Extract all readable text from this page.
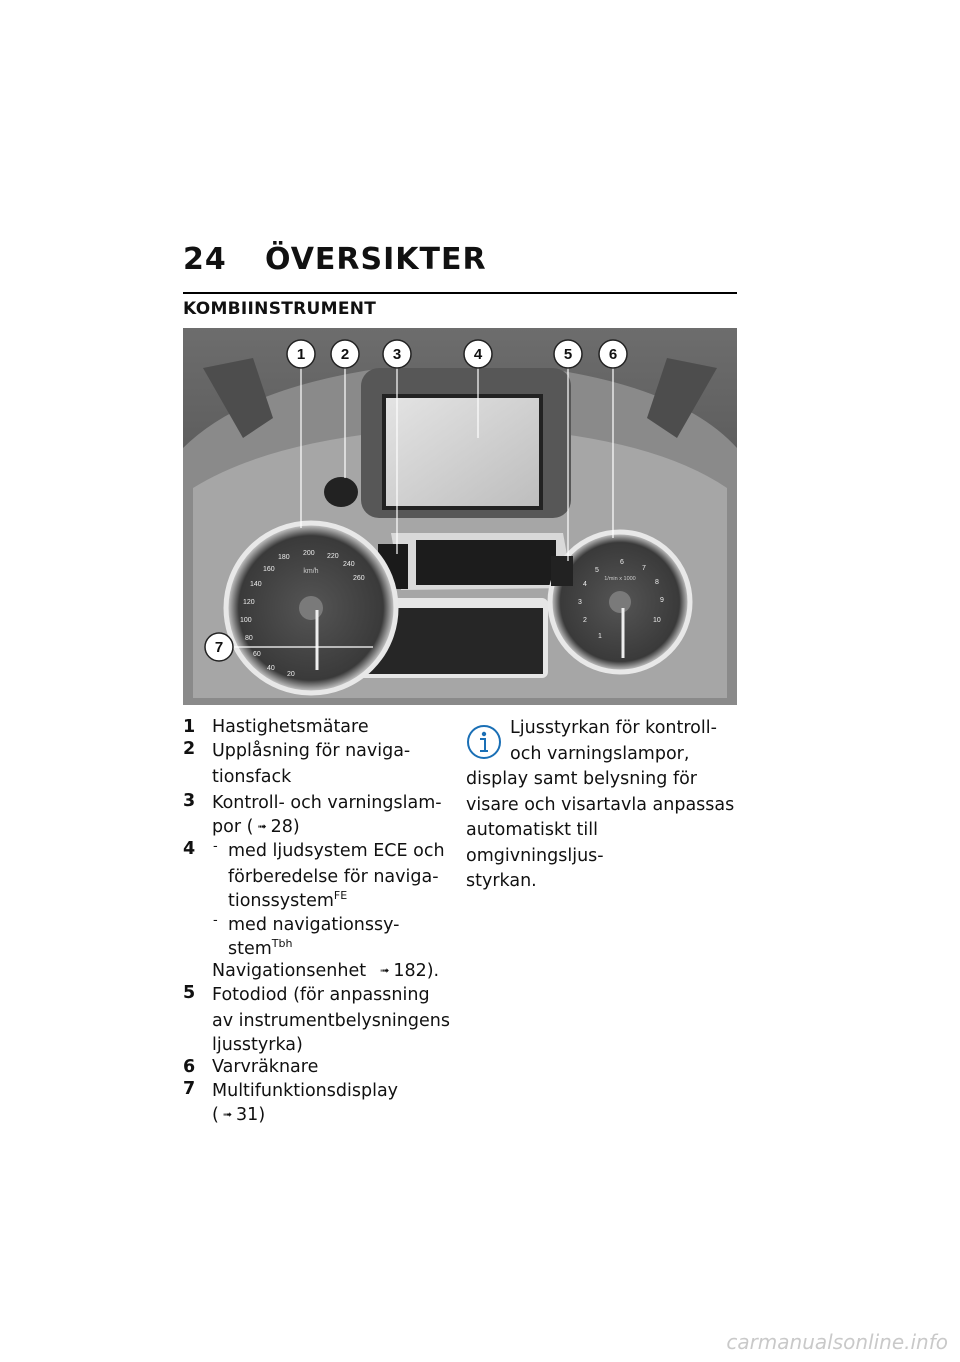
24 ÖVERSIKTER
KOMBIINSTRUMENT
km/h
180
200 220
240
260
160
140
120
100
80
60
40
20
1/min x 1000
1
2
3
4
5
6
7
8
9
10
1 2	3	4	5 6
7
1 Hastighetsmätare
2 Upplåsning för naviga-
tionsfack
3 Kontroll- och varningslam-
por ( ➟ 28)
4
-	med ljudsystem ECE och
förberedelse för naviga-
tionssystem$^{FE}$
- med navigationssy-
stem$^{Tbh}$
Navigationsenhet ➟ 182).
5 Fotodiod (för anpassning
av instrumentbelysningens
ljusstyrka)
6 Varvräknare
7 Multifunktionsdisplay
( ➟ 31)
Ljusstyrkan för kontroll-
och varningslampor,
display samt belysning för
visare och visartavla anpassas
automatiskt till omgivningsljus-
styrkan.
carmanualsonline.info
